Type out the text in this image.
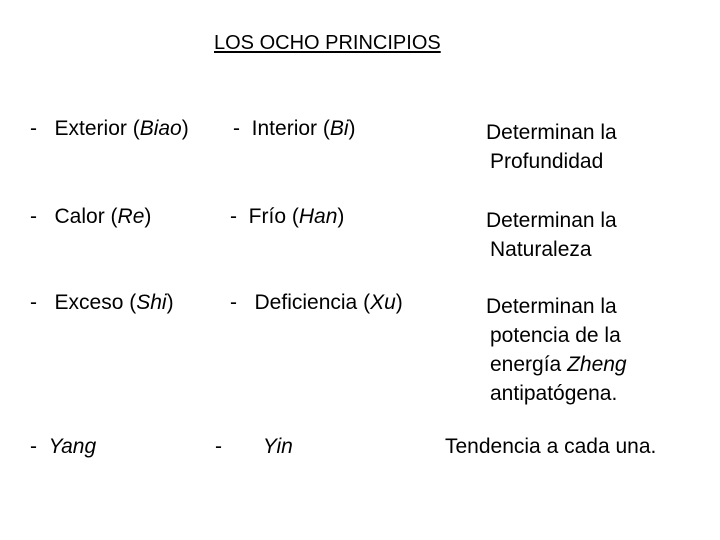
LOS OCHO PRINCIPIOS
- Exterior (Biao) - Interior (Bi)	Determinan la
Profundidad
- Calor (Re)	- Frío (Han)	Determinan la
Naturaleza
- Exceso (Shi)	- Deficiencia (Xu)	Determinan la
potencia de la
energía Zheng
antipatógena.
- Yang	- Yin	Tendencia a cada una.
